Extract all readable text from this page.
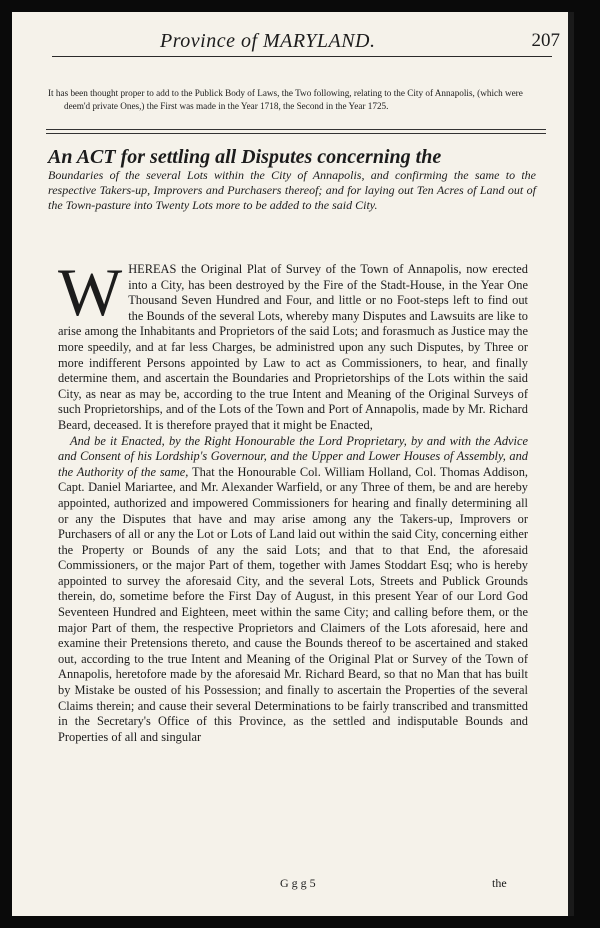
Province of MARYLAND.	207
It has been thought proper to add to the Publick Body of Laws, the Two following, relating to the City of Annapolis, (which were deem'd private Ones,) the First was made in the Year 1718, the Second in the Year 1725.

An ACT for settling all Disputes concerning the

Boundaries of the several Lots within the City of Annapolis, and confirming the same to the respective Takers-up, Improvers and Purchasers thereof; and for laying out Ten Acres of Land out of the Town-pasture into Twenty Lots more to be added to the said City.

W HEREAS the Original Plat of Survey of the Town of Annapolis, now erected into a City, has been destroyed by the Fire of the Stadt-House, in the Year One Thousand Seven Hundred and Four, and little or no Foot-steps left to find out the Bounds of the several Lots, whereby many Disputes and Lawsuits are like to arise among the Inhabitants and Proprietors of the said Lots; and forasmuch as Justice may the more speedily, and at far less Charges, be administred upon any such Disputes, by Three or more indifferent Persons appointed by Law to act as Commissioners, to hear, and finally determine them, and ascertain the Boundaries and Proprietorships of the Lots within the said City, as near as may be, according to the true Intent and Meaning of the Original Surveys of such Proprietorships, and of the Lots of the Town and Port of Annapolis, made by Mr. Richard Beard, deceased. It is therefore prayed that it might be Enacted,

And be it Enacted, by the Right Honourable the Lord Proprietary, by and with the Advice and Consent of his Lordship's Governour, and the Upper and Lower Houses of Assembly, and the Authority of the same, That the Honourable Col. William Holland, Col. Thomas Addison, Capt. Daniel Mariartee, and Mr. Alexander Warfield, or any Three of them, be and are hereby appointed, authorized and impowered Commissioners for hearing and finally determining all or any the Disputes that have and may arise among any the Takers-up, Improvers or Purchasers of all or any the Lot or Lots of Land laid out within the said City, concerning either the Property or Bounds of any the said Lots; and that to that End, the aforesaid Commissioners, or the major Part of them, together with James Stoddart Esq; who is hereby appointed to survey the aforesaid City, and the several Lots, Streets and Publick Grounds therein, do, sometime before the First Day of August, in this present Year of our Lord God Seventeen Hundred and Eighteen, meet within the same City; and calling before them, or the major Part of them, the respective Proprietors and Claimers of the Lots aforesaid, here and examine their Pretensions thereto, and cause the Bounds thereof to be ascertained and staked out, according to the true Intent and Meaning of the Original Plat or Survey of the Town of Annapolis, heretofore made by the aforesaid Mr. Richard Beard, so that no Man that has built by Mistake be ousted of his Possession; and finally to ascertain the Properties of the several Claims therein; and cause their several Determinations to be fairly transcribed and transmitted in the Secretary's Office of this Province, as the settled and indisputable Bounds and Properties of all and singular

Ggg5	the
